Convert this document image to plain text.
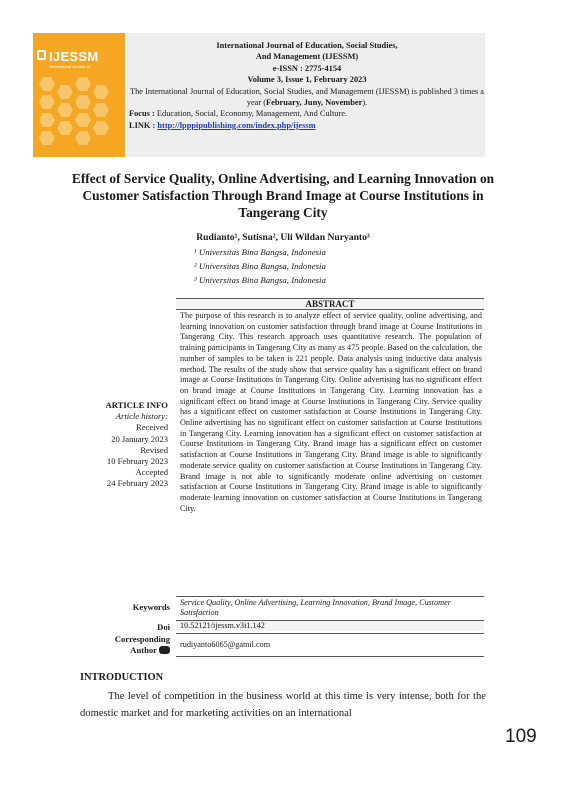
IJESSM
International Journal of
International Journal of Education, Social Studies,
And Management (IJESSM)
e-ISSN : 2775-4154
Volume 3, Issue 1, February 2023
The International Journal of Education, Social Studies, and Management (IJESSM) is published 3 times a year (February, Juny, November).
Focus : Education, Social, Economy, Management, And Culture.
LINK : http://lpppipublishing.com/index.php/ijessm
Effect of Service Quality, Online Advertising, and Learning Innovation on Customer Satisfaction Through Brand Image at Course Institutions in Tangerang City
Rudianto¹, Sutisna², Uli Wildan Nuryanto³
¹ Universitas Bina Bangsa, Indonesia
² Universitas Bina Bangsa, Indonesia
³ Universitas Bina Bangsa, Indonesia
ABSTRACT
The purpose of this research is to analyze effect of service quality, online advertising, and learning innovation on customer satisfaction through brand image at Course Institutions in Tangerang City. This research approach uses quantitative research. The population of training participants in Tangerang City as many as 475 people. Based on the calculation, the number of samples to be taken is 221 people. Data analysis using inductive data analysis method. The results of the study show that service quality has a significant effect on brand image at Course Institutions in Tangerang City. Online advertising has no significant effect on brand image at Course Institutions in Tangerang City. Learning innovation has a significant effect on brand image at Course Institutions in Tangerang City. Service quality has a significant effect on customer satisfaction at Course Institutions in Tangerang City. Online advertising has no significant effect on customer satisfaction at Course Institutions in Tangerang City. Learning innovation has a significant effect on customer satisfaction at Course Institutions in Tangerang City. Brand image has a significant effect on customer satisfaction at Course Institutions in Tangerang City. Brand image is able to significantly moderate service quality on customer satisfaction at Course Institutions in Tangerang City. Brand image is not able to significantly moderate online advertising on customer satisfaction at Course Institutions in Tangerang City. Brand image is able to significantly moderate learning innovation on customer satisfaction at Course Institutions in Tangerang City.
ARTICLE INFO
Article history:
Received
20 January 2023
Revised
10 February 2023
Accepted
24 February 2023
Keywords	Service Quality, Online Advertising, Learning Innovation, Brand Image, Customer Satisfaction
Doi	10.52121/ijessm.v3i1.142
Corresponding
Author
rudiyanto6065@gamil.com
INTRODUCTION
The level of competition in the business world at this time is very intense, both for the domestic market and for marketing activities on an international
109
